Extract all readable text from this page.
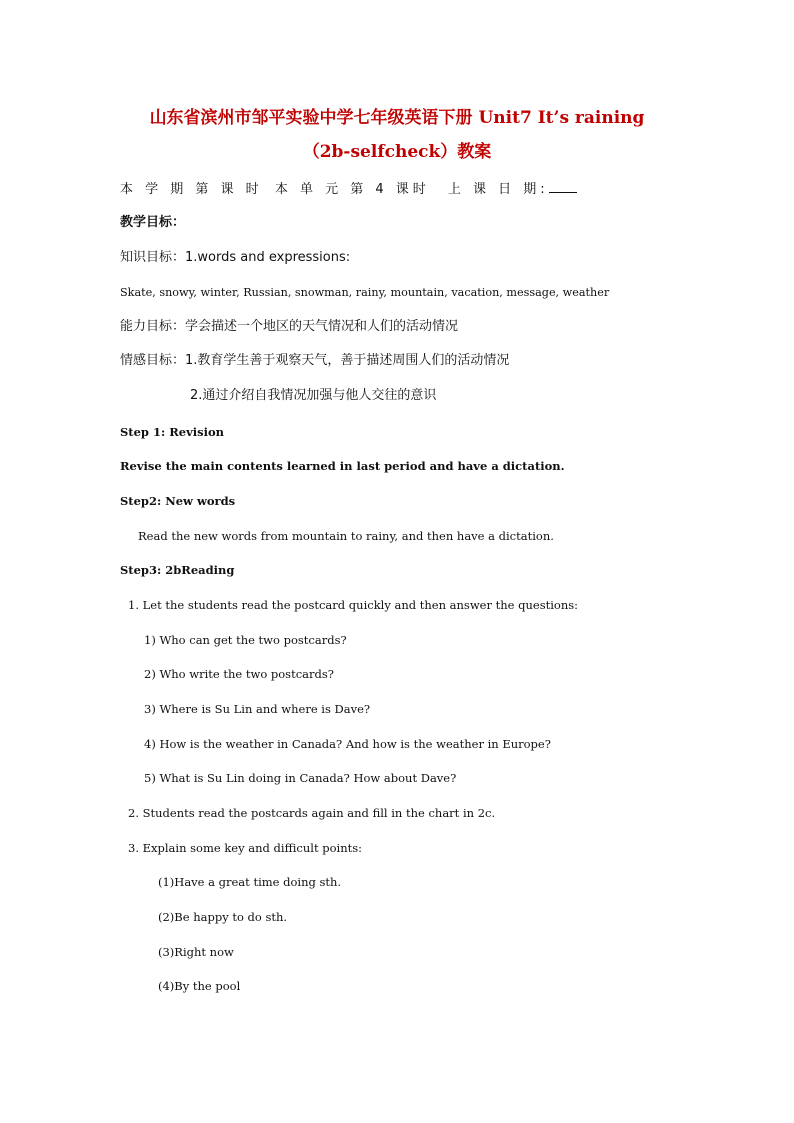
山东省滨州市邹平实验中学七年级英语下册 Unit7 It’s raining
（2b-selfcheck）教案
本 学 期 第 课 时 本 单 元 第 4 课时 上 课 日 期:
教学目标：
知识目标：1.words and expressions:
Skate, snowy, winter, Russian, snowman, rainy, mountain, vacation, message, weather
能力目标：学会描述一个地区的天气情况和人们的活动情况
情感目标：1.教育学生善于观察天气，善于描述周围人们的活动情况
2.通过介绍自我情况加强与他人交往的意识
Step 1: Revision
Revise the main contents learned in last period and have a dictation.
Step2: New words
Read the new words from mountain to rainy, and then have a dictation.
Step3: 2bReading
1. Let the students read the postcard quickly and then answer the questions:
1) Who can get the two postcards?
2) Who write the two postcards?
3) Where is Su Lin and where is Dave?
4) How is the weather in Canada? And how is the weather in Europe?
5) What is Su Lin doing in Canada? How about Dave?
2. Students read the postcards again and fill in the chart in 2c.
3. Explain some key and difficult points:
(1)Have a great time doing sth.
(2)Be happy to do sth.
(3)Right now
(4)By the pool
